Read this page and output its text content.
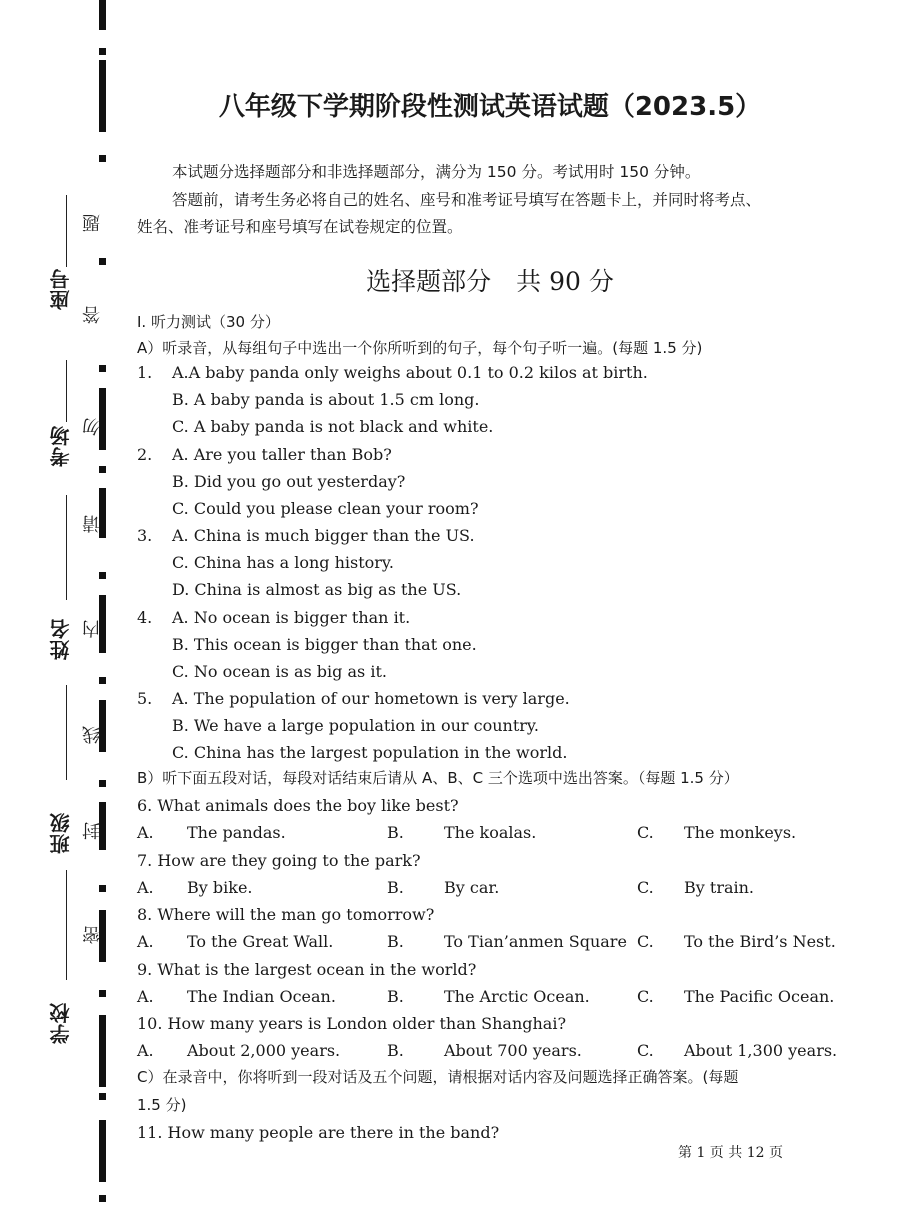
座号
考场
姓名
班级
学校
题
答
勿
请
内
线
封
密
八年级下学期阶段性测试英语试题（2023.5）
本试题分选择题部分和非选择题部分，满分为 150 分。考试用时 150 分钟。
答题前，请考生务必将自己的姓名、座号和准考证号填写在答题卡上，并同时将考点、
姓名、准考证号和座号填写在试卷规定的位置。
选择题部分　共 90 分
I. 听力测试（30 分）
A）听录音，从每组句子中选出一个你所听到的句子，每个句子听一遍。(每题 1.5 分)
1. A.A baby panda only weighs about 0.1 to 0.2 kilos at birth.
B. A baby panda is about 1.5 cm long.
C. A baby panda is not black and white.
2. A. Are you taller than Bob?
B. Did you go out yesterday?
C. Could you please clean your room?
3. A. China is much bigger than the US.
C. China has a long history.
D. China is almost as big as the US.
4. A. No ocean is bigger than it.
B. This ocean is bigger than that one.
C. No ocean is as big as it.
5. A. The population of our hometown is very large.
B. We have a large population in our country.
C. China has the largest population in the world.
B）听下面五段对话，每段对话结束后请从 A、B、C 三个选项中选出答案。（每题 1.5 分）
6. What animals does the boy like best?
A. The pandas.	B.	The koalas.	C. The monkeys.
7. How are they going to the park?
A. By bike.	B.	By car.	C. By train.
8. Where will the man go tomorrow?
A. To the Great Wall.	B.	To Tian’anmen Square C. To the Bird’s Nest.
9. What is the largest ocean in the world?
A. The Indian Ocean.	B.	The Arctic Ocean.	C. The Pacific Ocean.
10. How many years is London older than Shanghai?
A. About 2,000 years.	B.	About 700 years.	C. About 1,300 years.
C）在录音中，你将听到一段对话及五个问题，请根据对话内容及问题选择正确答案。(每题
1.5 分)
11. How many people are there in the band?
第 1 页 共 12 页
